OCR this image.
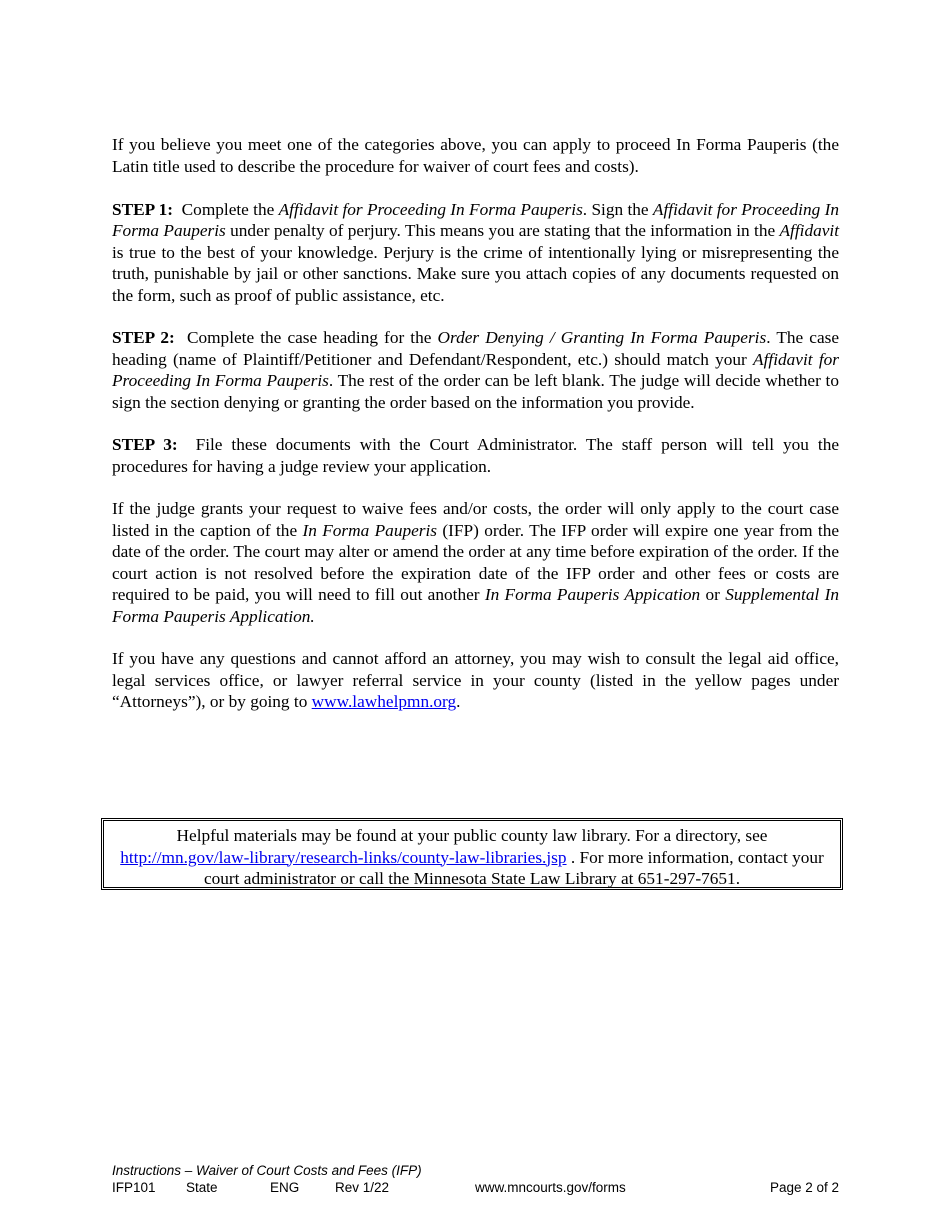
If you believe you meet one of the categories above, you can apply to proceed In Forma Pauperis (the Latin title used to describe the procedure for waiver of court fees and costs).

STEP 1: Complete the Affidavit for Proceeding In Forma Pauperis. Sign the Affidavit for Proceeding In Forma Pauperis under penalty of perjury. This means you are stating that the information in the Affidavit is true to the best of your knowledge. Perjury is the crime of intentionally lying or misrepresenting the truth, punishable by jail or other sanctions. Make sure you attach copies of any documents requested on the form, such as proof of public assistance, etc.

STEP 2: Complete the case heading for the Order Denying / Granting In Forma Pauperis. The case heading (name of Plaintiff/Petitioner and Defendant/Respondent, etc.) should match your Affidavit for Proceeding In Forma Pauperis. The rest of the order can be left blank. The judge will decide whether to sign the section denying or granting the order based on the information you provide.

STEP 3: File these documents with the Court Administrator. The staff person will tell you the procedures for having a judge review your application.

If the judge grants your request to waive fees and/or costs, the order will only apply to the court case listed in the caption of the In Forma Pauperis (IFP) order. The IFP order will expire one year from the date of the order. The court may alter or amend the order at any time before expiration of the order. If the court action is not resolved before the expiration date of the IFP order and other fees or costs are required to be paid, you will need to fill out another In Forma Pauperis Appication or Supplemental In Forma Pauperis Application.

If you have any questions and cannot afford an attorney, you may wish to consult the legal aid office, legal services office, or lawyer referral service in your county (listed in the yellow pages under “Attorneys”), or by going to www.lawhelpmn.org.

Helpful materials may be found at your public county law library. For a directory, see
http://mn.gov/law-library/research-links/county-law-libraries.jsp . For more information, contact your court administrator or call the Minnesota State Law Library at 651-297-7651.
Instructions – Waiver of Court Costs and Fees (IFP)
IFP101 State	ENG	Rev 1/22	www.mncourts.gov/forms	Page 2 of 2
